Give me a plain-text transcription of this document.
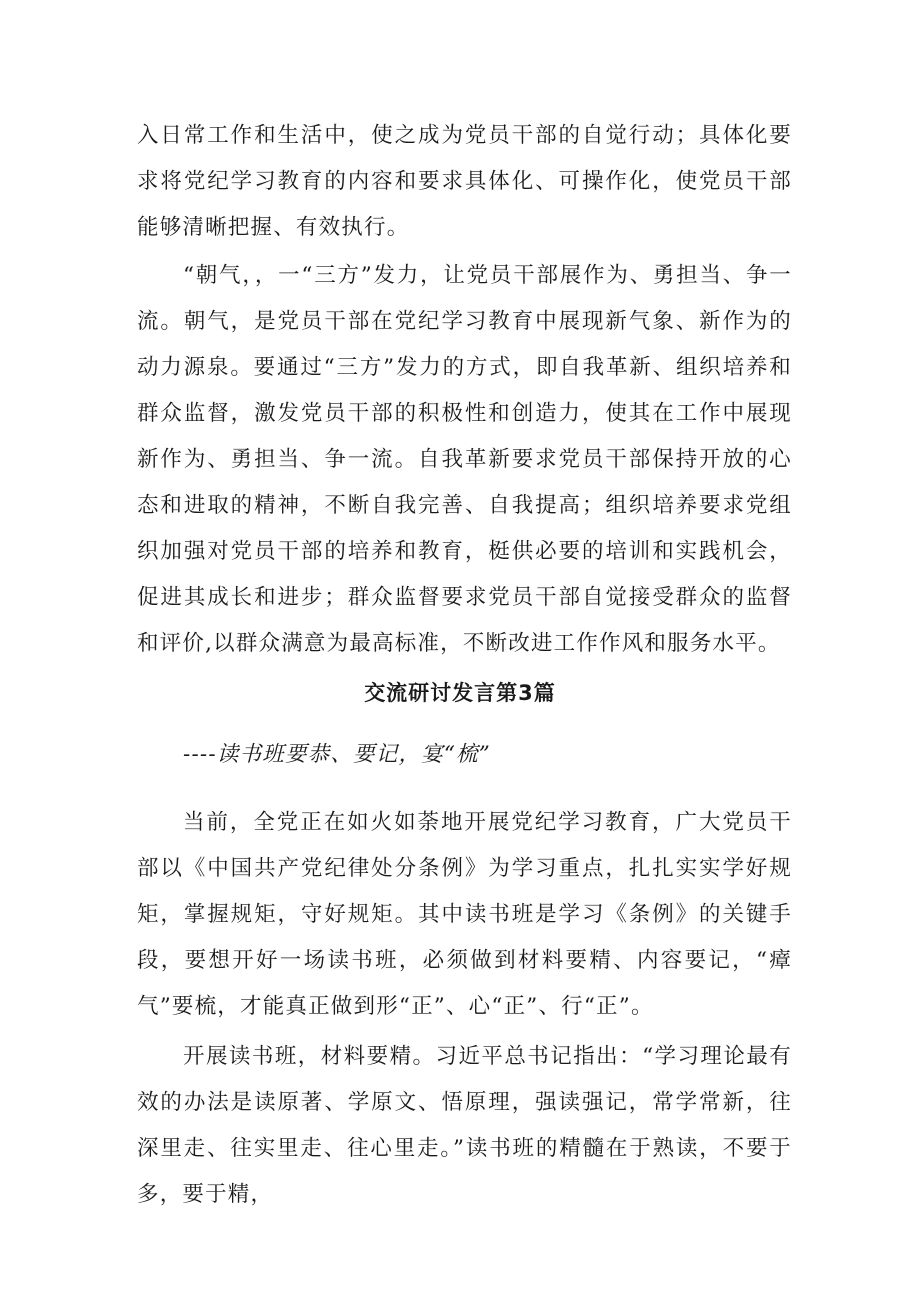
入日常工作和生活中，使之成为党员干部的自觉行动；具体化要求将党纪学习教育的内容和要求具体化、可操作化，使党员干部能够清晰把握、有效执行。

“朝气，，一“三方”发力，让党员干部展作为、勇担当、争一流。朝气，是党员干部在党纪学习教育中展现新气象、新作为的动力源泉。要通过“三方”发力的方式，即自我革新、组织培养和群众监督，激发党员干部的积极性和创造力，使其在工作中展现新作为、勇担当、争一流。自我革新要求党员干部保持开放的心态和进取的精神，不断自我完善、自我提高；组织培养要求党组织加强对党员干部的培养和教育，梃供必要的培训和实践机会，促进其成长和进步；群众监督要求党员干部自觉接受群众的监督和评价,以群众满意为最高标准，不断改进工作作风和服务水平。

交流研讨发言第3篇

----读书班要恭、要记，宴“梳”

当前，全党正在如火如荼地开展党纪学习教育，广大党员干部以《中国共产党纪律处分条例》为学习重点，扎扎实实学好规矩，掌握规矩，守好规矩。其中读书班是学习《条例》的关键手段，要想开好一场读书班，必须做到材料要精、内容要记，“瘴气”要梳，才能真正做到形“正”、心“正”、行“正”。

开展读书班，材料要精。习近平总书记指出：“学习理论最有效的办法是读原著、学原文、悟原理，强读强记，常学常新，往深里走、往实里走、往心里走。”读书班的精髓在于熟读，不要于多，要于精，
